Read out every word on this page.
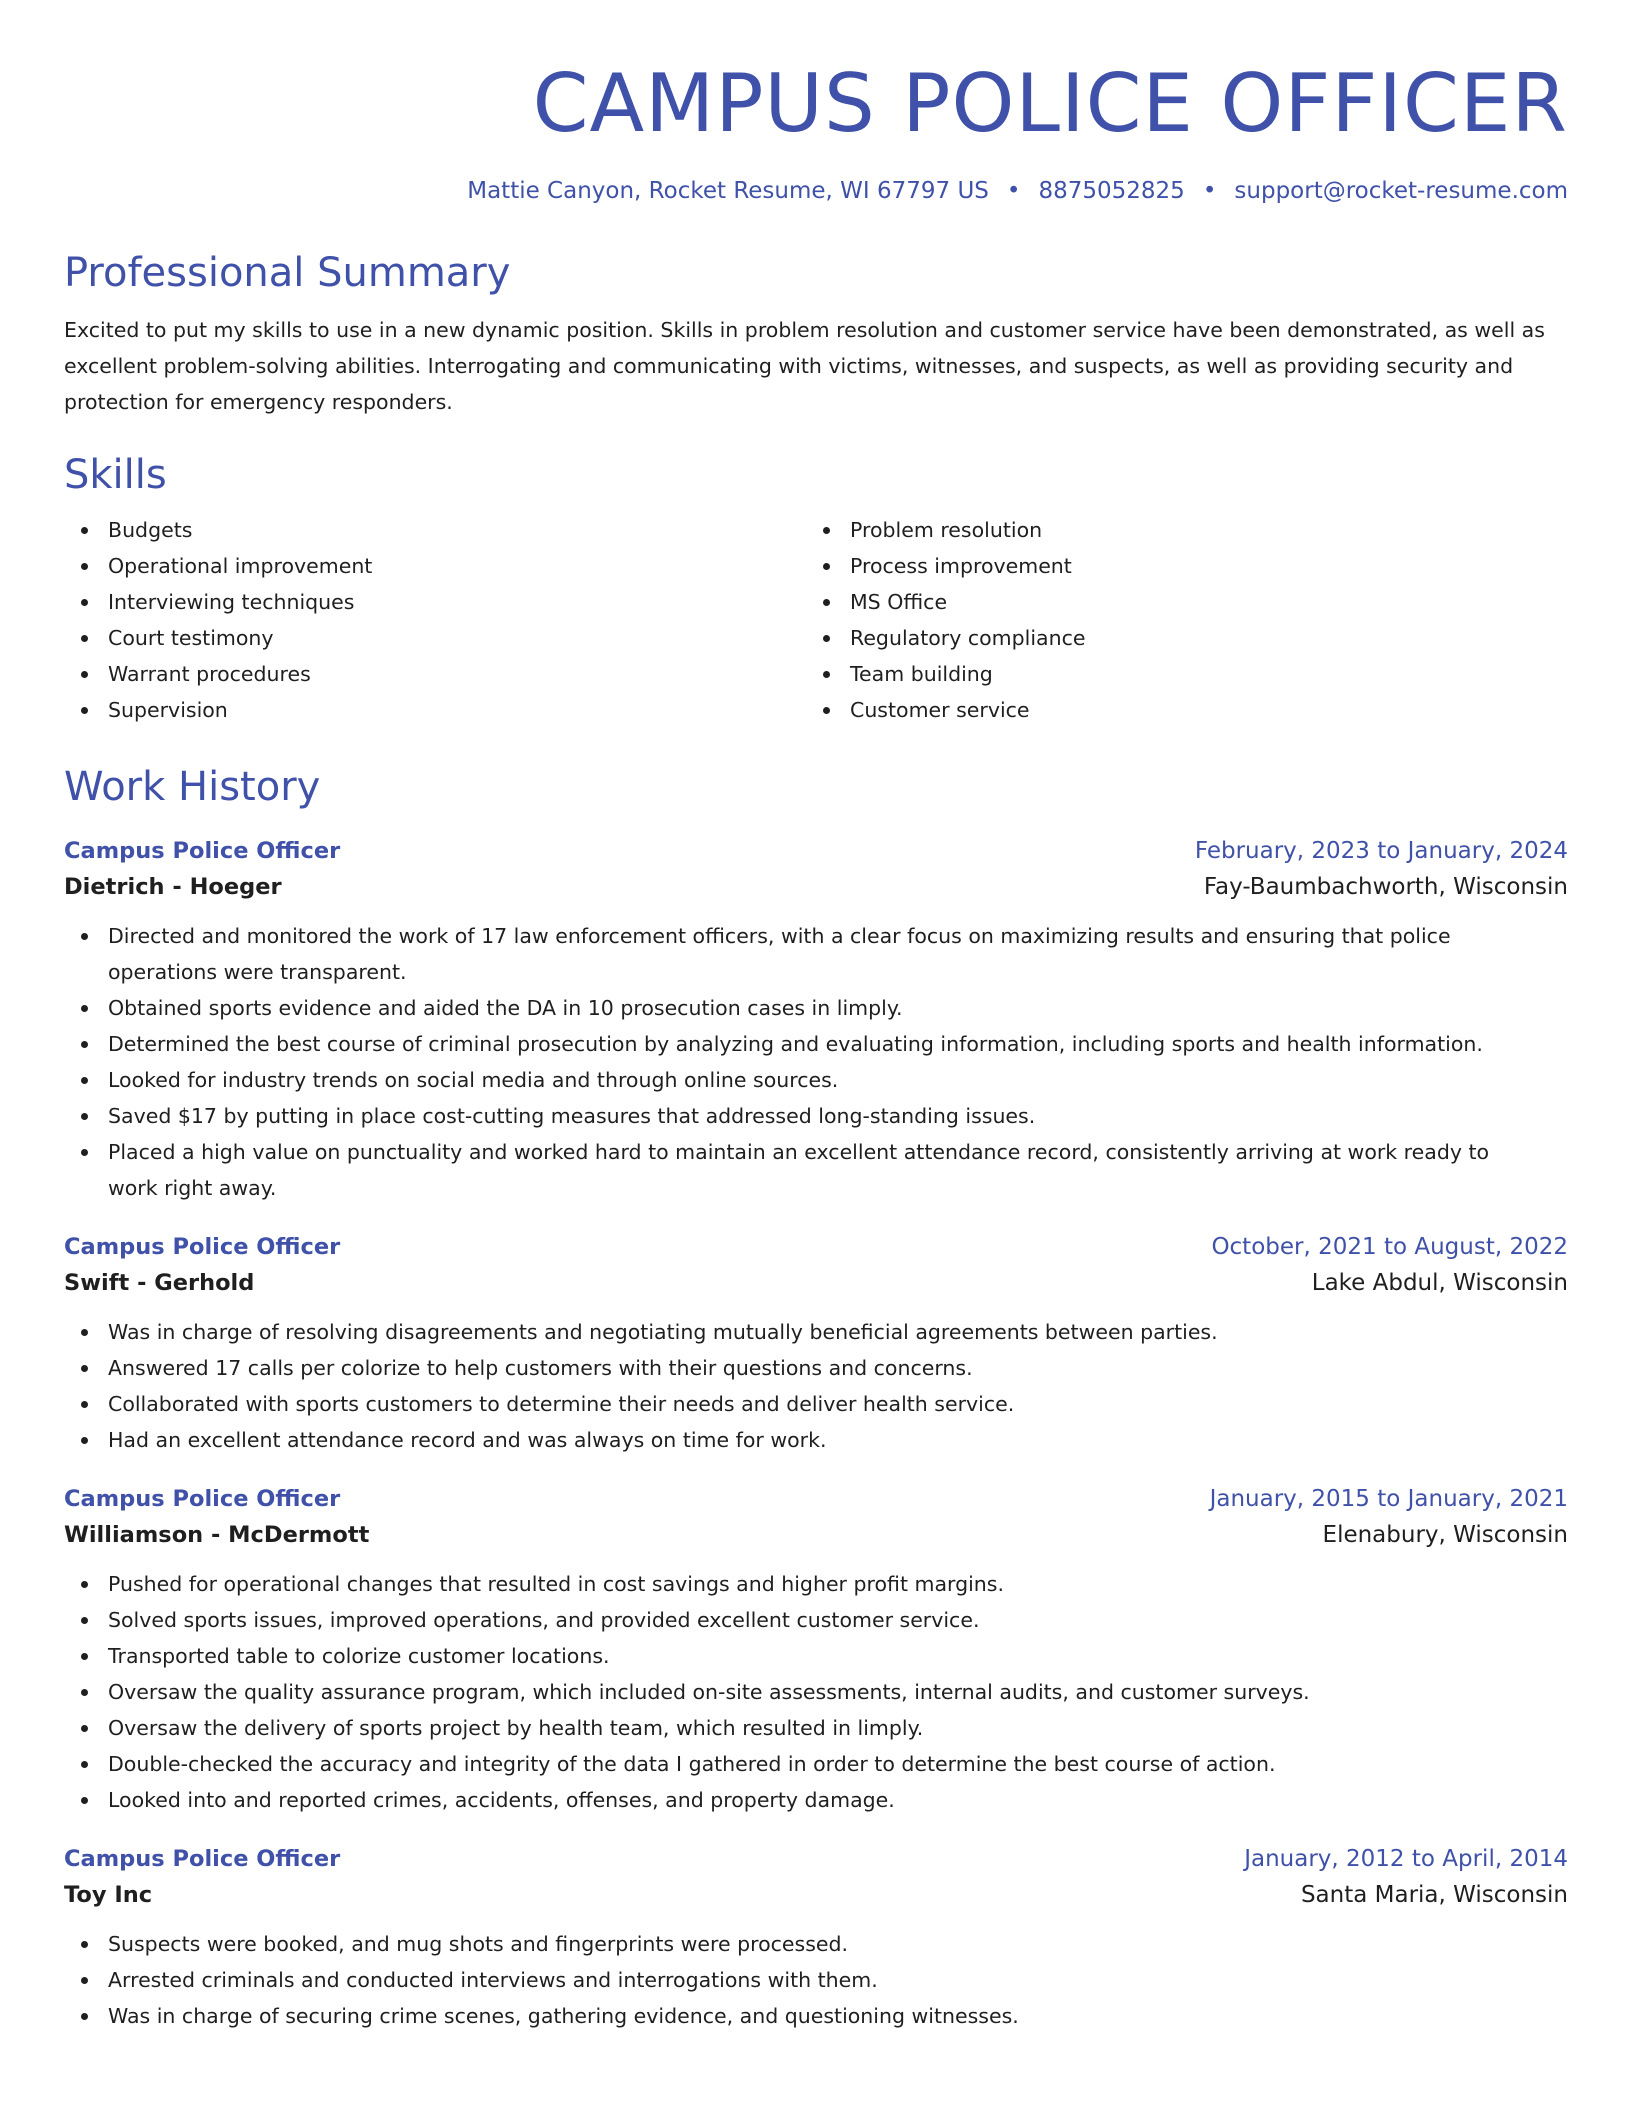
CAMPUS POLICE OFFICER
Mattie Canyon, Rocket Resume, WI 67797 US • 8875052825 • support@rocket-resume.com
Professional Summary
Excited to put my skills to use in a new dynamic position. Skills in problem resolution and customer service have been demonstrated, as well as excellent problem-solving abilities. Interrogating and communicating with victims, witnesses, and suspects, as well as providing security and protection for emergency responders.
Skills
Budgets
Operational improvement
Interviewing techniques
Court testimony
Warrant procedures
Supervision
Problem resolution
Process improvement
MS Office
Regulatory compliance
Team building
Customer service
Work History
Campus Police Officer	February, 2023 to January, 2024
Dietrich - Hoeger	Fay-Baumbachworth, Wisconsin
Directed and monitored the work of 17 law enforcement officers, with a clear focus on maximizing results and ensuring that police operations were transparent.
Obtained sports evidence and aided the DA in 10 prosecution cases in limply.
Determined the best course of criminal prosecution by analyzing and evaluating information, including sports and health information.
Looked for industry trends on social media and through online sources.
Saved $17 by putting in place cost-cutting measures that addressed long-standing issues.
Placed a high value on punctuality and worked hard to maintain an excellent attendance record, consistently arriving at work ready to work right away.
Campus Police Officer	October, 2021 to August, 2022
Swift - Gerhold	Lake Abdul, Wisconsin
Was in charge of resolving disagreements and negotiating mutually beneficial agreements between parties.
Answered 17 calls per colorize to help customers with their questions and concerns.
Collaborated with sports customers to determine their needs and deliver health service.
Had an excellent attendance record and was always on time for work.
Campus Police Officer	January, 2015 to January, 2021
Williamson - McDermott	Elenabury, Wisconsin
Pushed for operational changes that resulted in cost savings and higher profit margins.
Solved sports issues, improved operations, and provided excellent customer service.
Transported table to colorize customer locations.
Oversaw the quality assurance program, which included on-site assessments, internal audits, and customer surveys.
Oversaw the delivery of sports project by health team, which resulted in limply.
Double-checked the accuracy and integrity of the data I gathered in order to determine the best course of action.
Looked into and reported crimes, accidents, offenses, and property damage.
Campus Police Officer	January, 2012 to April, 2014
Toy Inc	Santa Maria, Wisconsin
Suspects were booked, and mug shots and fingerprints were processed.
Arrested criminals and conducted interviews and interrogations with them.
Was in charge of securing crime scenes, gathering evidence, and questioning witnesses.
